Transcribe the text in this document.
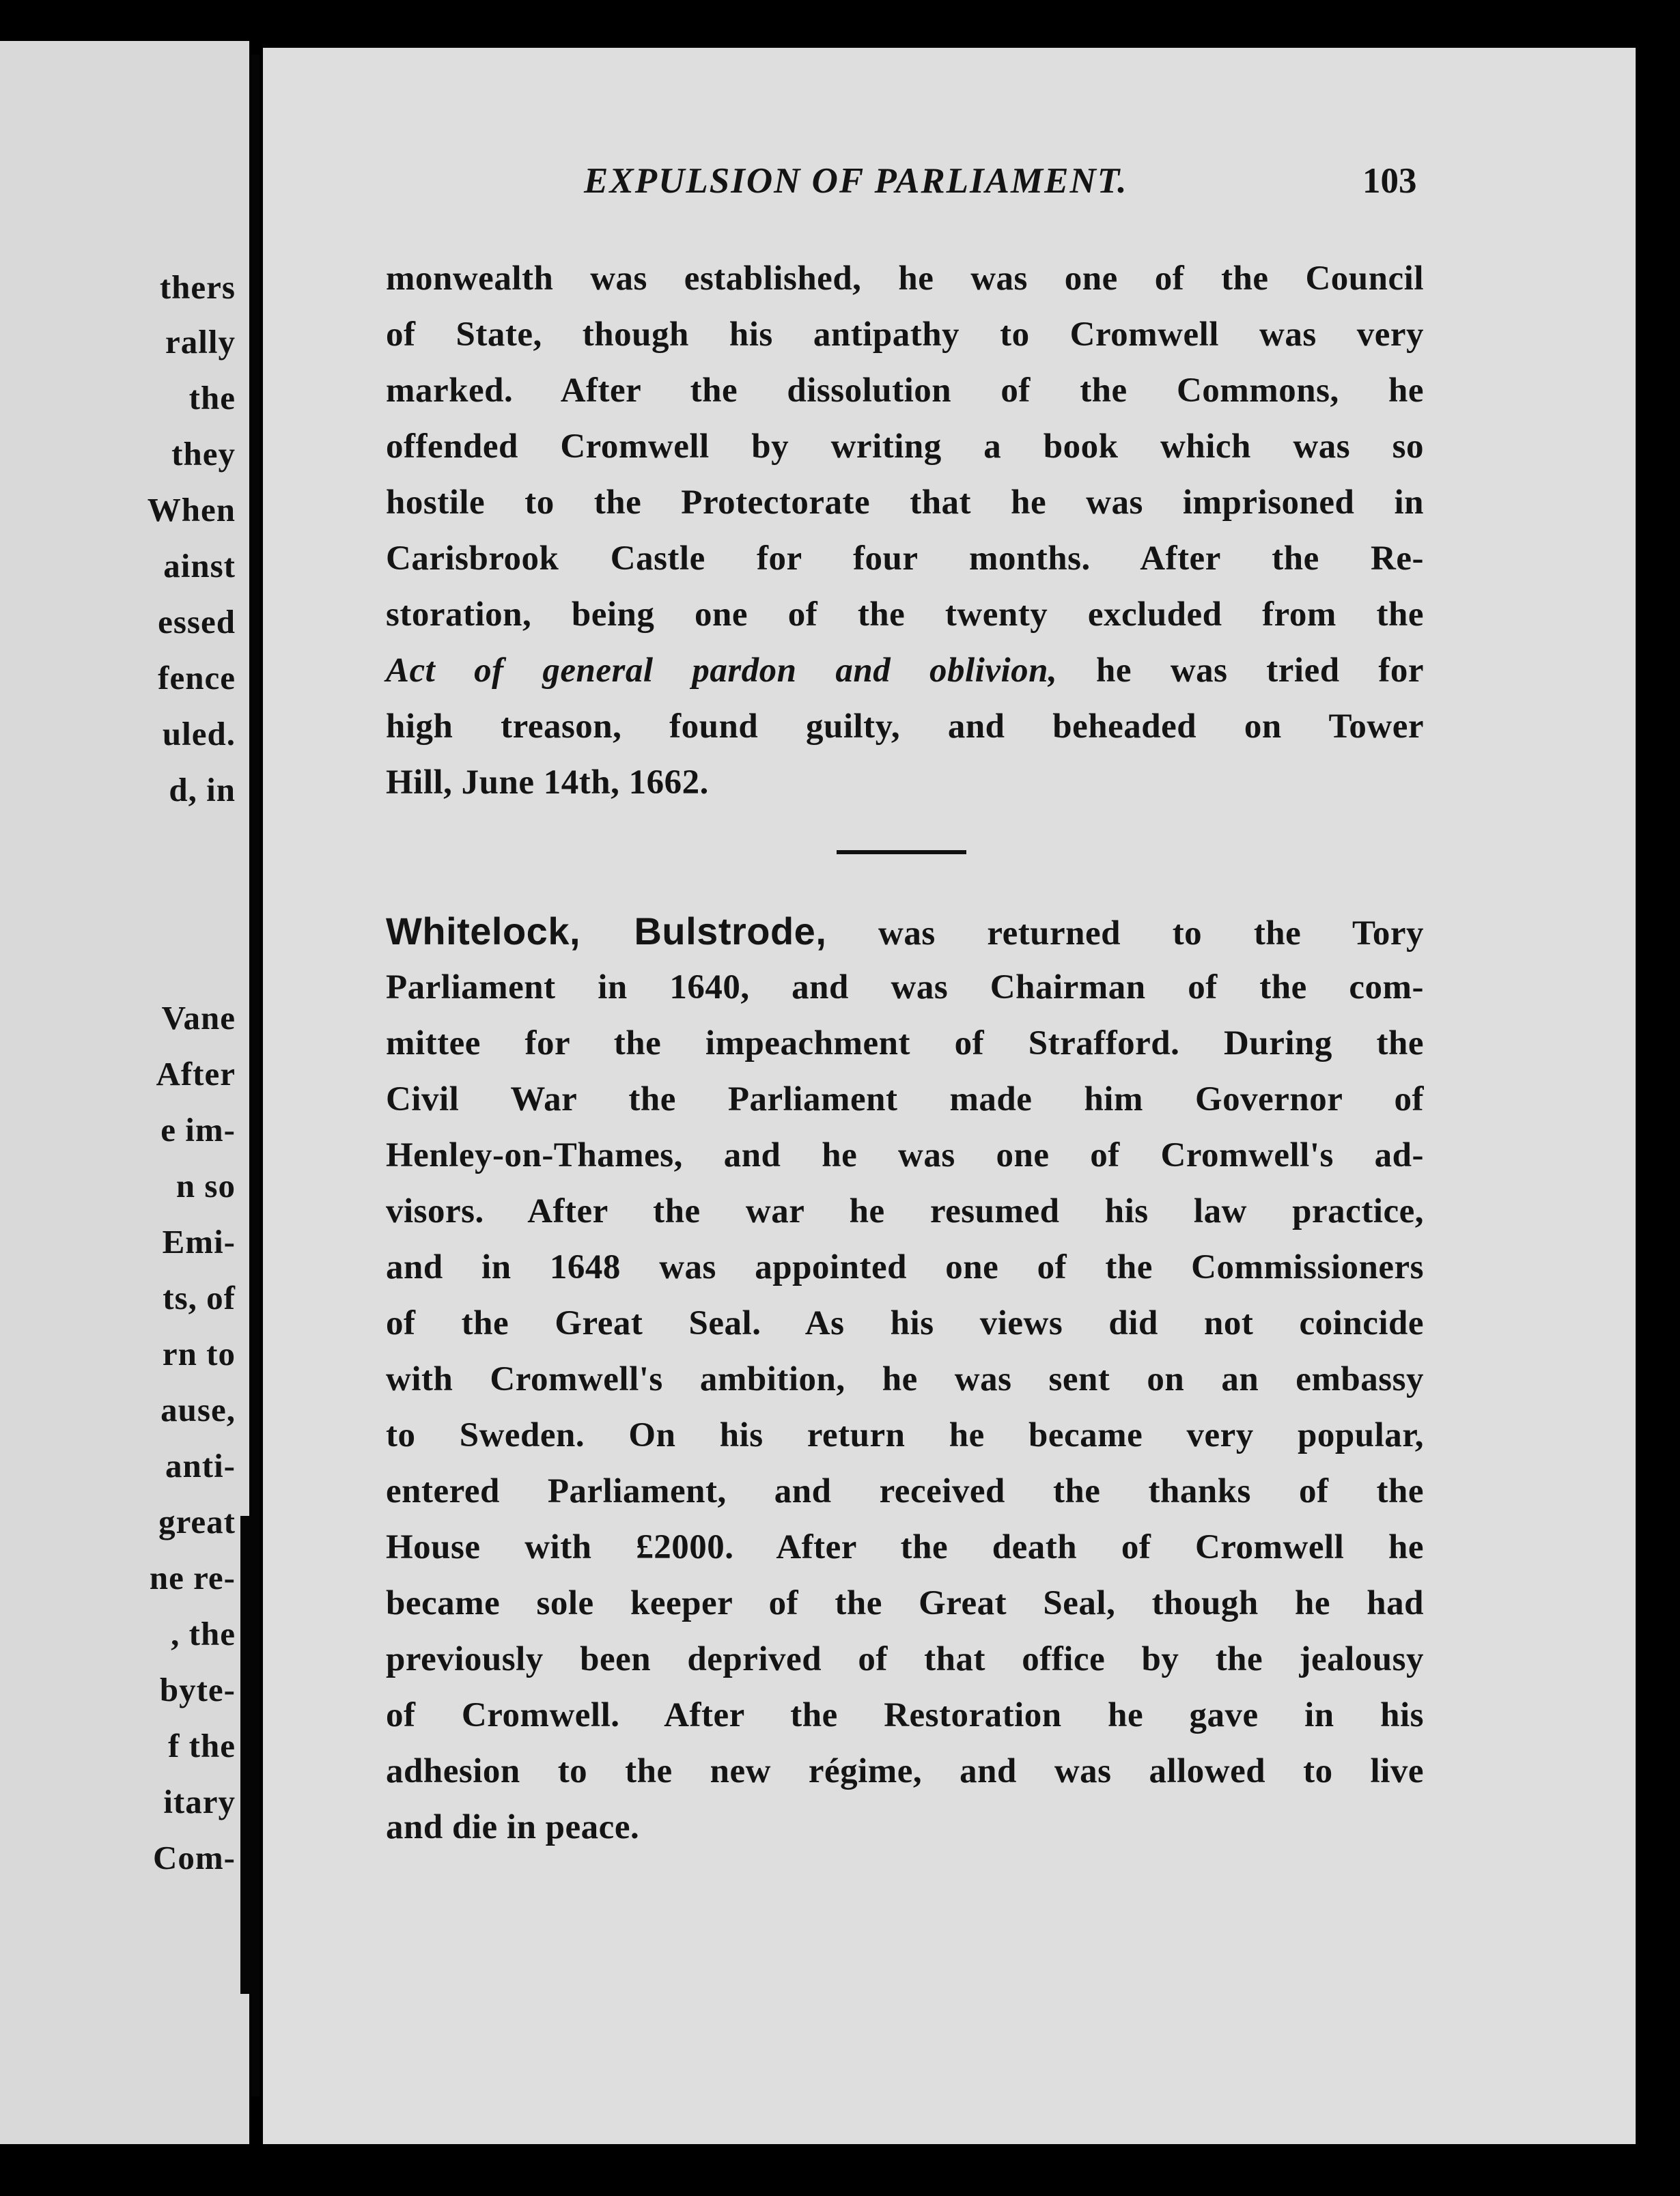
thers
rally
the
they
When
ainst
essed
fence
uled.
d, in
Vane
After
e im-
n so
Emi-
ts, of
rn to
ause,
anti-
great
ne re-
, the
byte-
f the
itary
Com-
EXPULSION OF PARLIAMENT.	103
monwealth was established, he was one of the Council
of State, though his antipathy to Cromwell was very
marked. After the dissolution of the Commons, he
offended Cromwell by writing a book which was so
hostile to the Protectorate that he was imprisoned in
Carisbrook Castle for four months. After the Re-
storation, being one of the twenty excluded from the
Act of general pardon and oblivion, he was tried for
high treason, found guilty, and beheaded on Tower
Hill, June 14th, 1662.
Whitelock, Bulstrode, was returned to the Tory
Parliament in 1640, and was Chairman of the com-
mittee for the impeachment of Strafford. During the
Civil War the Parliament made him Governor of
Henley-on-Thames, and he was one of Cromwell's ad-
visors. After the war he resumed his law practice,
and in 1648 was appointed one of the Commissioners
of the Great Seal. As his views did not coincide
with Cromwell's ambition, he was sent on an embassy
to Sweden. On his return he became very popular,
entered Parliament, and received the thanks of the
House with £2000. After the death of Cromwell he
became sole keeper of the Great Seal, though he had
previously been deprived of that office by the jealousy
of Cromwell. After the Restoration he gave in his
adhesion to the new régime, and was allowed to live
and die in peace.
